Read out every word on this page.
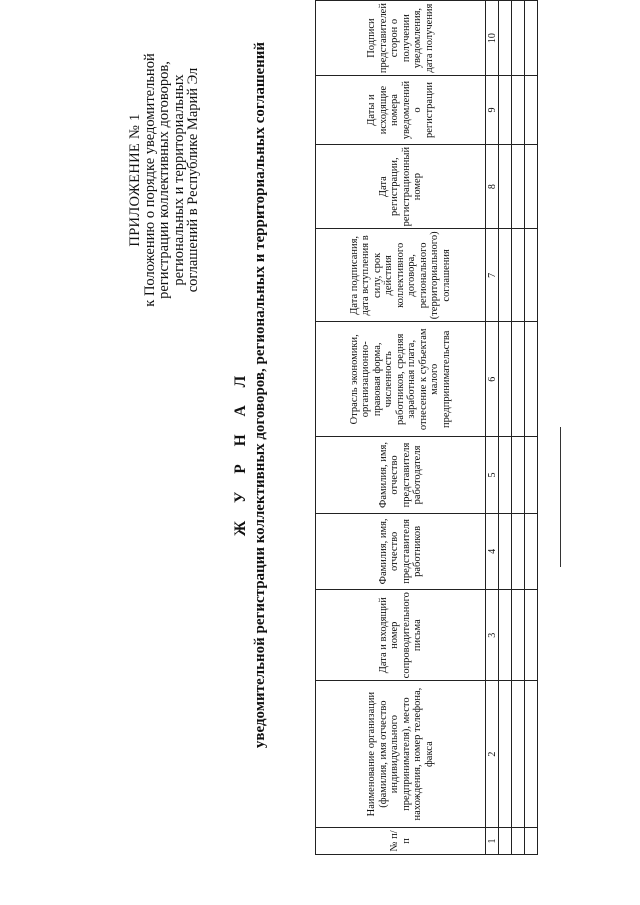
ПРИЛОЖЕНИЕ № 1
к Положению о порядке уведомительной
регистрации коллективных договоров,
региональных и территориальных
соглашений в Республике Марий Эл
Ж У Р Н А Л уведомительной регистрации коллективных договоров, региональных и территориальных соглашений
№ п/п	Наименование организации (фамилия, имя отчество индивидуального предпринимателя), место нахождения, номер телефона, факса	Дата и входящий номер сопроводительного письма	Фамилия, имя, отчество представителя работников	Фамилия, имя, отчество представителя работодателя	Отрасль экономики, организационно-правовая форма, численность работников, средняя заработная плата, отнесение к субъектам малого предпринимательства	Дата подписания, дата вступления в силу, срок действия коллективного договора, регионального (территориального) соглашения	Дата регистрации, регистрационный номер	Даты и исходящие номера уведомлений о регистрации	Подписи представителей сторон о получении уведомления, дата получения
1	2	3	4	5	6	7	8	9	10
